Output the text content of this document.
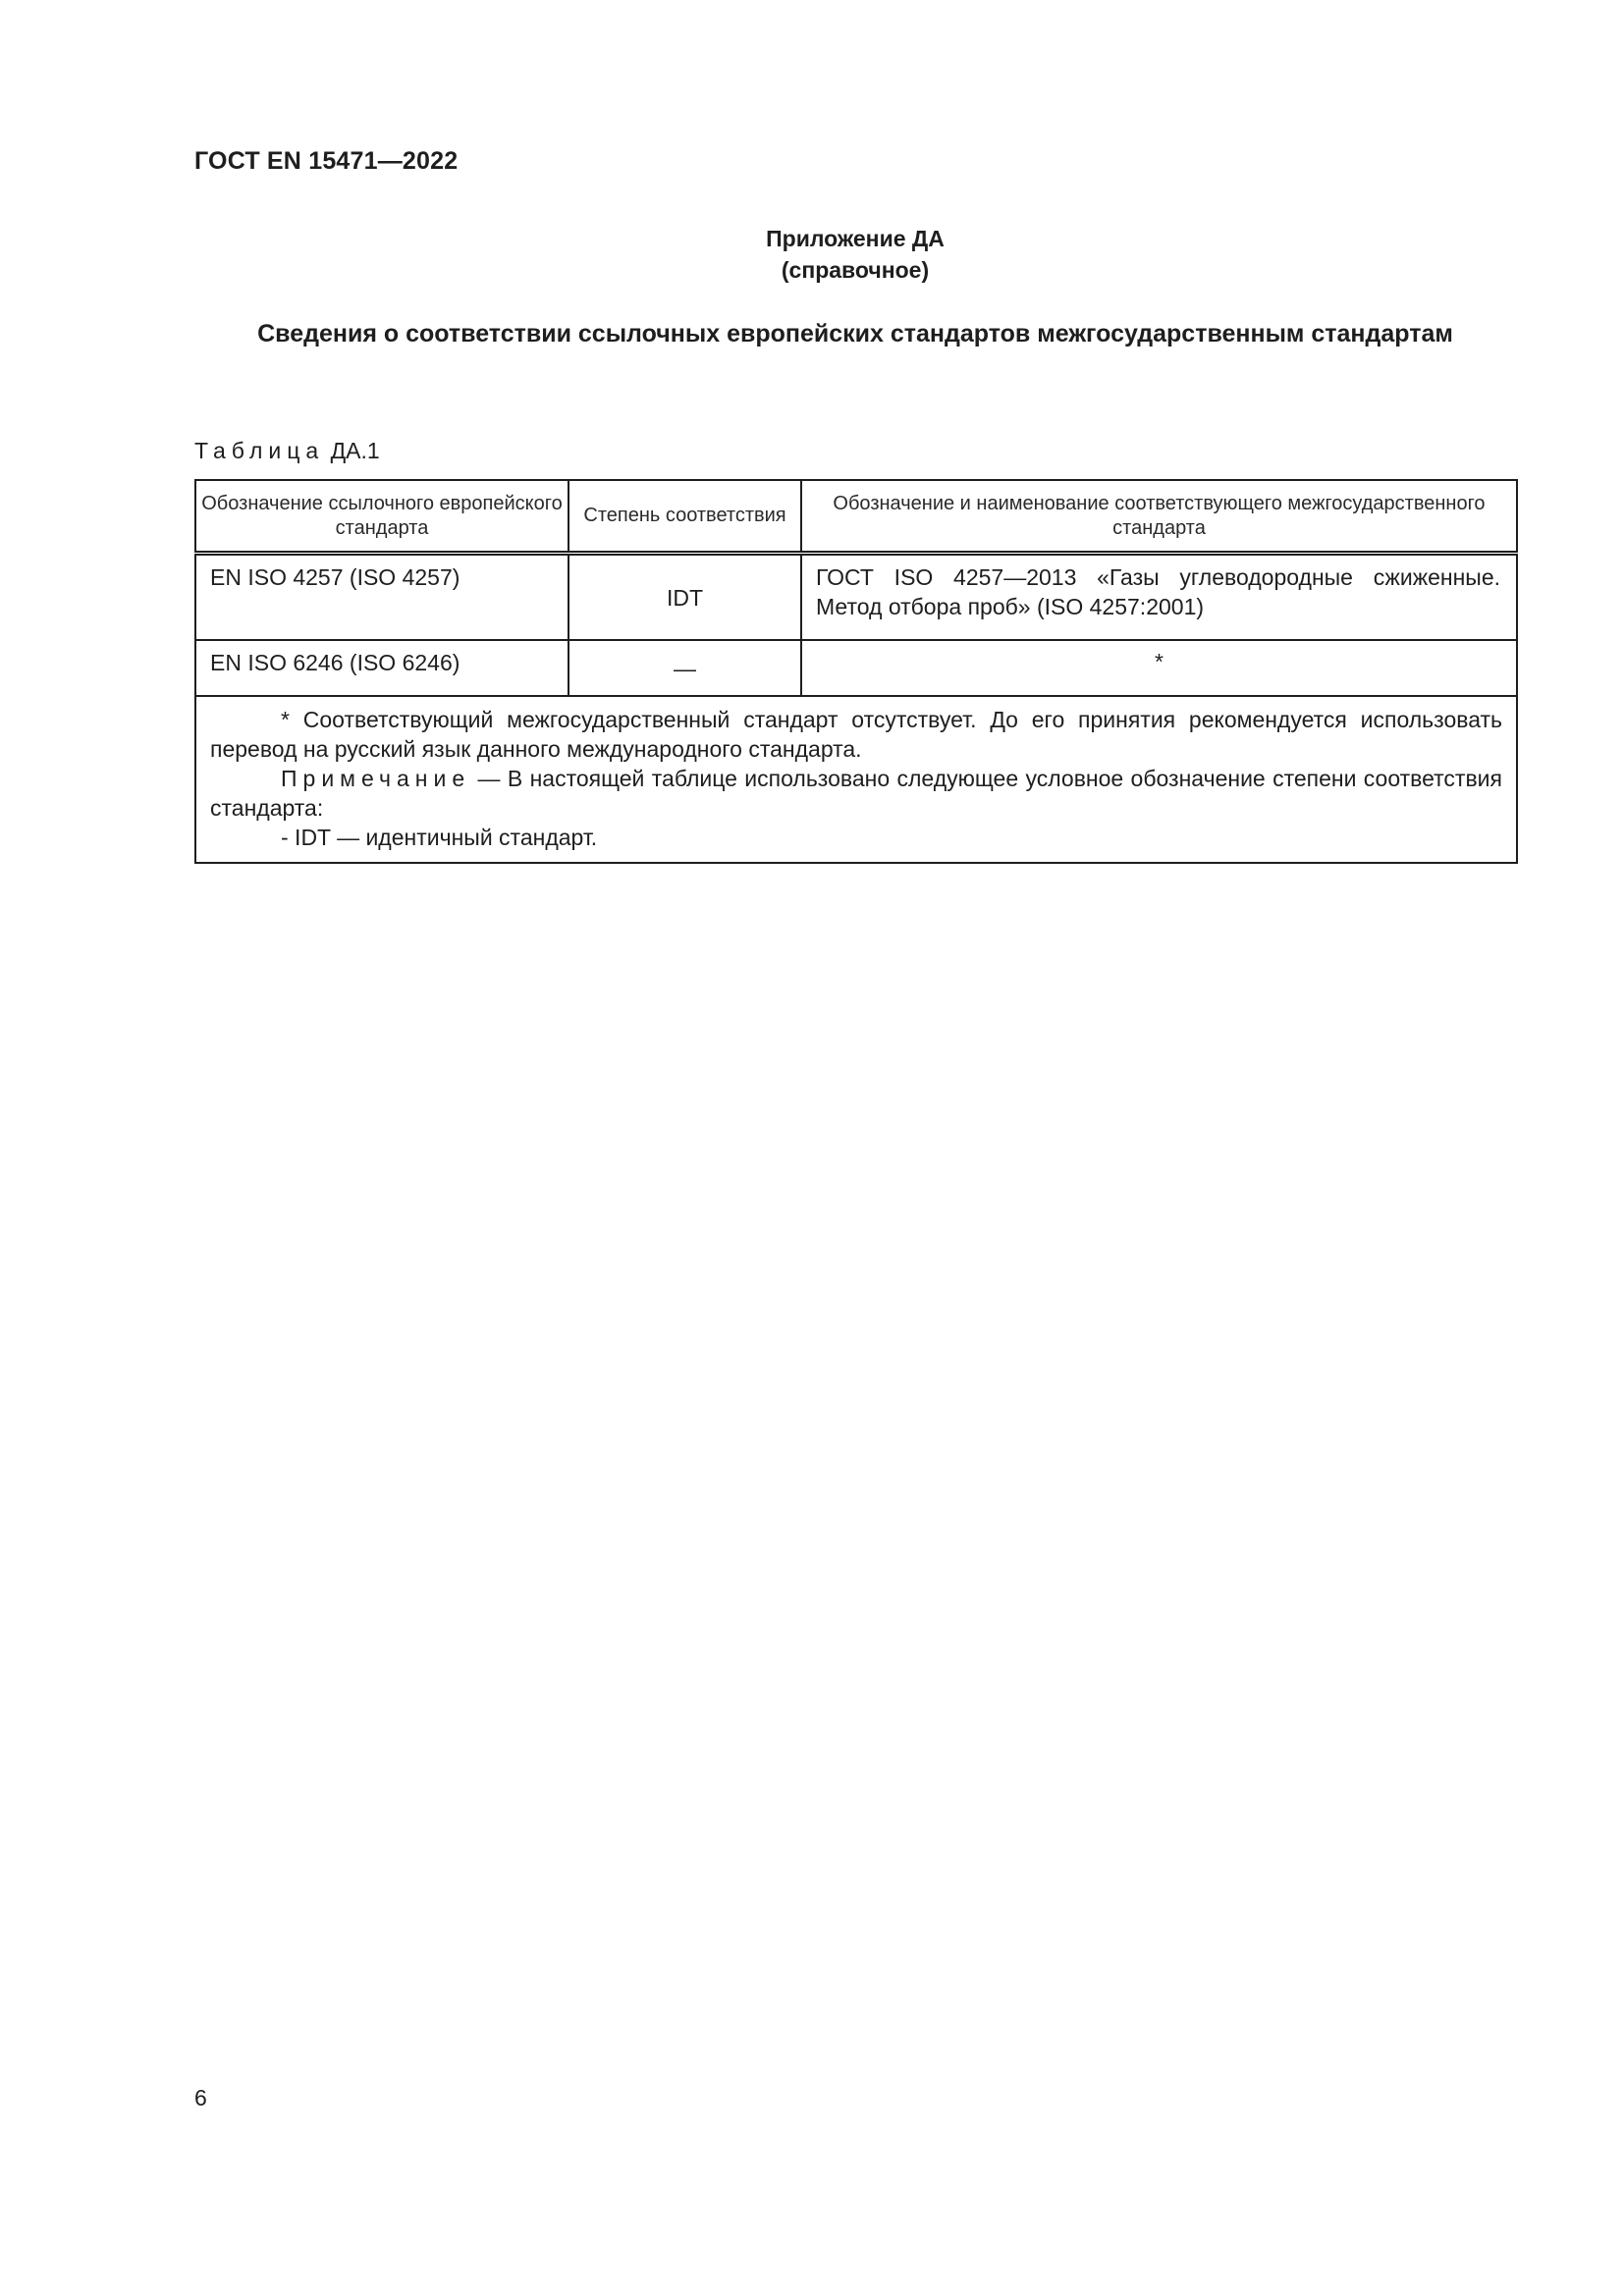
ГОСТ EN 15471—2022
Приложение ДА
(справочное)
Сведения о соответствии ссылочных европейских стандартов межгосударственным стандартам
Таблица ДА.1
Обозначение ссылочного европейского стандарта	Степень соответствия	Обозначение и наименование соответствующего межгосударственного стандарта
EN ISO 4257 (ISO 4257)	IDT	ГОСТ ISO 4257—2013 «Газы углеводородные сжиженные. Метод отбора проб» (ISO 4257:2001)
EN ISO 6246 (ISO 6246)	—	*

* Соответствующий межгосударственный стандарт отсутствует. До его принятия рекомендуется использовать перевод на русский язык данного международного стандарта.

Примечание — В настоящей таблице использовано следующее условное обозначение степени соответствия стандарта:

- IDT — идентичный стандарт.		

6
